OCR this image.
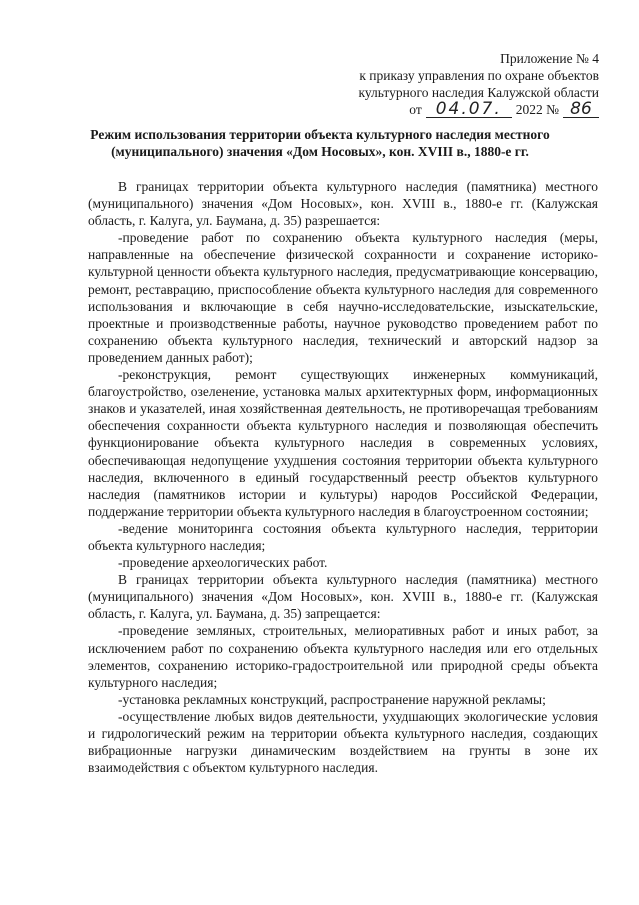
Приложение № 4
к приказу управления по охране объектов
культурного наследия Калужской области
от 04.07.	2022 № 86
Режим использования территории объекта культурного наследия местного (муниципального) значения «Дом Носовых», кон. XVIII в., 1880-е гг.

В границах территории объекта культурного наследия (памятника) местного (муниципального) значения «Дом Носовых», кон. XVIII в., 1880-е гг. (Калужская область, г. Калуга, ул. Баумана, д. 35) разрешается:

-проведение работ по сохранению объекта культурного наследия (меры, направленные на обеспечение физической сохранности и сохранение историко-культурной ценности объекта культурного наследия, предусматривающие консервацию, ремонт, реставрацию, приспособление объекта культурного наследия для современного использования и включающие в себя научно-исследовательские, изыскательские, проектные и производственные работы, научное руководство проведением работ по сохранению объекта культурного наследия, технический и авторский надзор за проведением данных работ);

-реконструкция, ремонт существующих инженерных коммуникаций, благоустройство, озеленение, установка малых архитектурных форм, информационных знаков и указателей, иная хозяйственная деятельность, не противоречащая требованиям обеспечения сохранности объекта культурного наследия и позволяющая обеспечить функционирование объекта культурного наследия в современных условиях, обеспечивающая недопущение ухудшения состояния территории объекта культурного наследия, включенного в единый государственный реестр объектов культурного наследия (памятников истории и культуры) народов Российской Федерации, поддержание территории объекта культурного наследия в благоустроенном состоянии;

-ведение мониторинга состояния объекта культурного наследия, территории объекта культурного наследия;

-проведение археологических работ.

В границах территории объекта культурного наследия (памятника) местного (муниципального) значения «Дом Носовых», кон. XVIII в., 1880-е гг. (Калужская область, г. Калуга, ул. Баумана, д. 35) запрещается:

-проведение земляных, строительных, мелиоративных работ и иных работ, за исключением работ по сохранению объекта культурного наследия или его отдельных элементов, сохранению историко-градостроительной или природной среды объекта культурного наследия;

-установка рекламных конструкций, распространение наружной рекламы;

-осуществление любых видов деятельности, ухудшающих экологические условия и гидрологический режим на территории объекта культурного наследия, создающих вибрационные нагрузки динамическим воздействием на грунты в зоне их взаимодействия с объектом культурного наследия.
